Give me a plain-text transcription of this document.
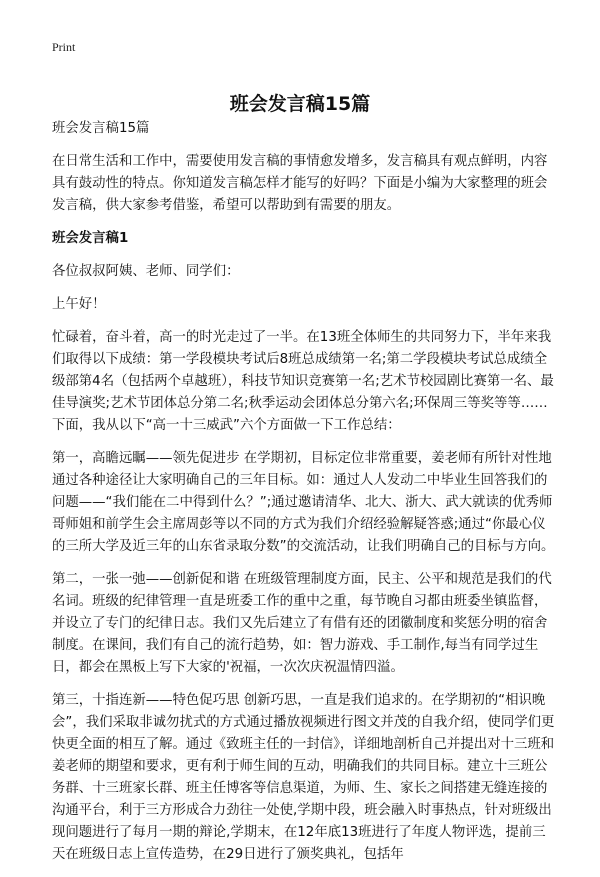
Print
班会发言稿15篇

班会发言稿15篇

在日常生活和工作中，需要使用发言稿的事情愈发增多，发言稿具有观点鲜明，内容具有鼓动性的特点。你知道发言稿怎样才能写的好吗？下面是小编为大家整理的班会发言稿，供大家参考借鉴，希望可以帮助到有需要的朋友。

班会发言稿1

各位叔叔阿姨、老师、同学们：

上午好！

忙碌着，奋斗着，高一的时光走过了一半。在13班全体师生的共同努力下，半年来我们取得以下成绩：第一学段模块考试后8班总成绩第一名;第二学段模块考试总成绩全级部第4名（包括两个卓越班），科技节知识竞赛第一名;艺术节校园剧比赛第一名、最佳导演奖;艺术节团体总分第二名;秋季运动会团体总分第六名;环保周三等奖等等……下面，我从以下“高一十三威武”六个方面做一下工作总结：

第一，高瞻远瞩——领先促进步 在学期初，目标定位非常重要，姜老师有所针对性地通过各种途径让大家明确自己的三年目标。如：通过人人发动二中毕业生回答我们的问题——“我们能在二中得到什么？”;通过邀请清华、北大、浙大、武大就读的优秀师哥师姐和前学生会主席周彭等以不同的方式为我们介绍经验解疑答惑;通过“你最心仪的三所大学及近三年的山东省录取分数”的交流活动，让我们明确自己的目标与方向。

第二，一张一弛——创新促和谐 在班级管理制度方面，民主、公平和规范是我们的代名词。班级的纪律管理一直是班委工作的重中之重，每节晚自习都由班委坐镇监督，并设立了专门的纪律日志。我们又先后建立了有借有还的团徽制度和奖惩分明的宿舍制度。在课间，我们有自己的流行趋势，如：智力游戏、手工制作,每当有同学过生日，都会在黑板上写下大家的'祝福，一次次庆祝温情四溢。

第三，十指连新——特色促巧思 创新巧思，一直是我们追求的。在学期初的“相识晚会”，我们采取非诚勿扰式的方式通过播放视频进行图文并茂的自我介绍，使同学们更快更全面的相互了解。通过《致班主任的一封信》，详细地剖析自己并提出对十三班和姜老师的期望和要求，更有利于师生间的互动，明确我们的共同目标。建立十三班公务群、十三班家长群、班主任博客等信息渠道，为师、生、家长之间搭建无缝连接的沟通平台，利于三方形成合力劲往一处使,学期中段，班会融入时事热点，针对班级出现问题进行了每月一期的辩论,学期末，在12年底13班进行了年度人物评选，提前三天在班级日志上宣传造势，在29日进行了颁奖典礼，包括年
